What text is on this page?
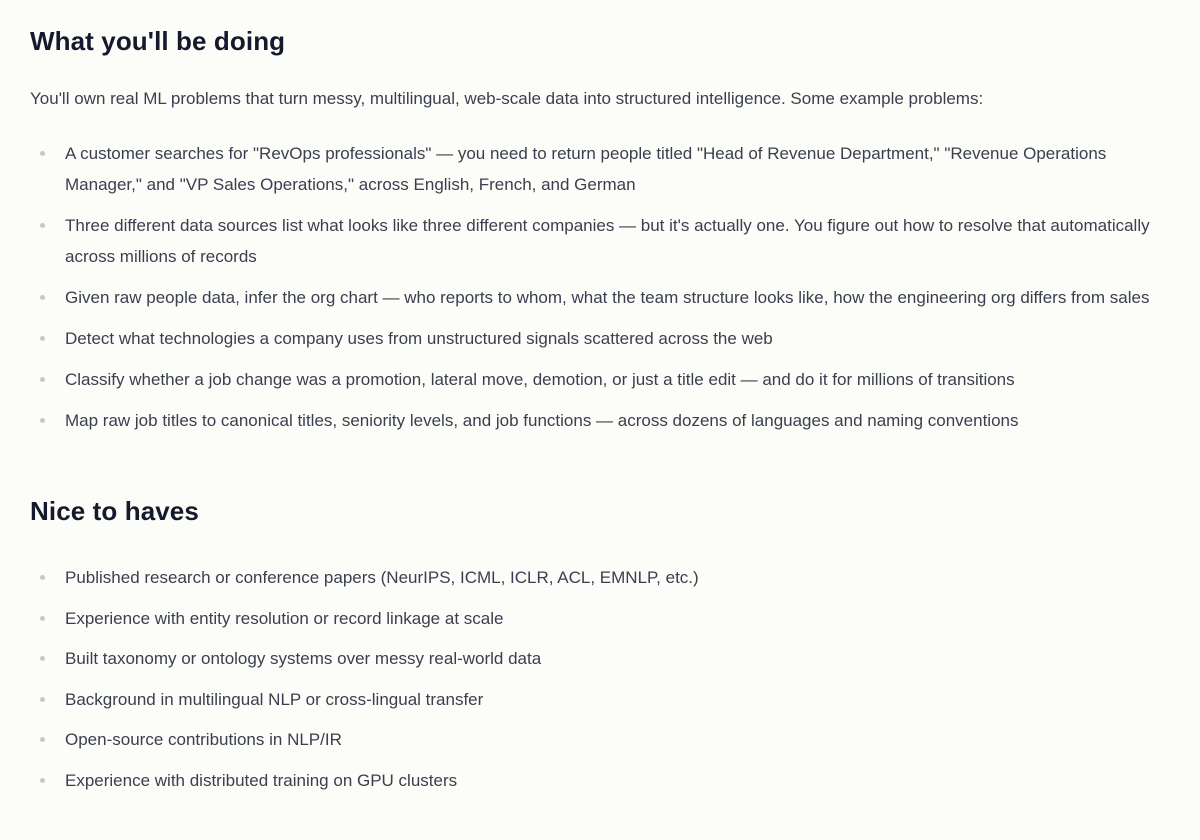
What you'll be doing

You'll own real ML problems that turn messy, multilingual, web-scale data into structured intelligence. Some example problems:

A customer searches for "RevOps professionals" — you need to return people titled "Head of Revenue Department," "Revenue Operations Manager," and "VP Sales Operations," across English, French, and German
Three different data sources list what looks like three different companies — but it's actually one. You figure out how to resolve that automatically across millions of records
Given raw people data, infer the org chart — who reports to whom, what the team structure looks like, how the engineering org differs from sales
Detect what technologies a company uses from unstructured signals scattered across the web
Classify whether a job change was a promotion, lateral move, demotion, or just a title edit — and do it for millions of transitions
Map raw job titles to canonical titles, seniority levels, and job functions — across dozens of languages and naming conventions
Nice to haves
Published research or conference papers (NeurIPS, ICML, ICLR, ACL, EMNLP, etc.)
Experience with entity resolution or record linkage at scale
Built taxonomy or ontology systems over messy real-world data
Background in multilingual NLP or cross-lingual transfer
Open-source contributions in NLP/IR
Experience with distributed training on GPU clusters
